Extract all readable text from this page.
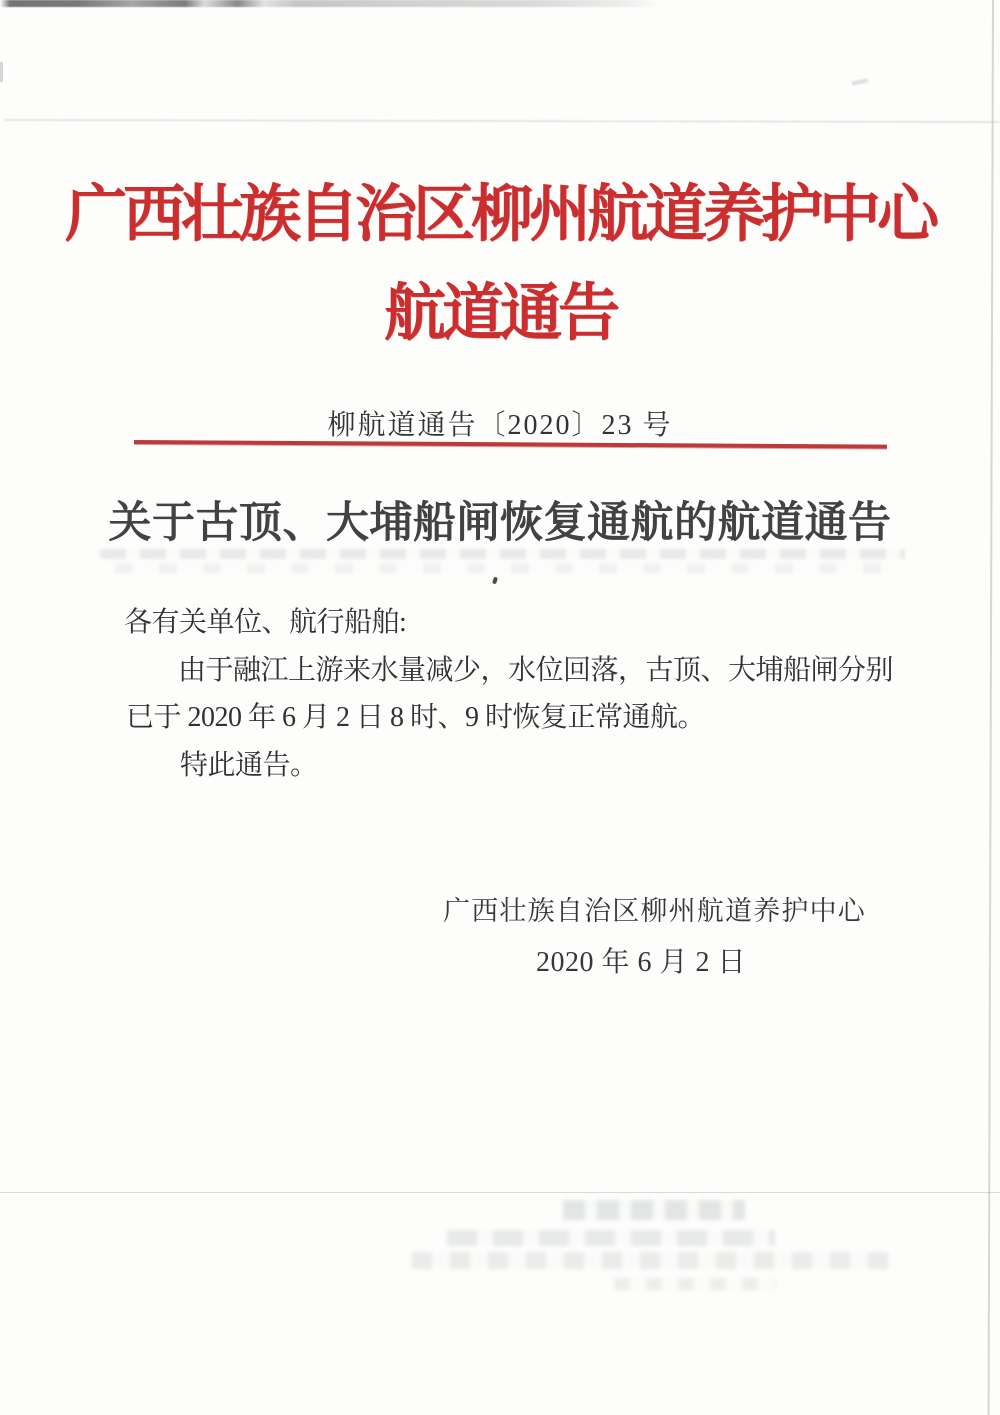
广西壮族自治区柳州航道养护中心
航道通告
柳航道通告〔2020〕23 号
关于古顶、大埔船闸恢复通航的航道通告
各有关单位、航行船舶:
由于融江上游来水量减少，水位回落，古顶、大埔船闸分别
已于 2020 年 6 月 2 日 8 时、9 时恢复正常通航。
特此通告。
广西壮族自治区柳州航道养护中心
2020 年 6 月 2 日
